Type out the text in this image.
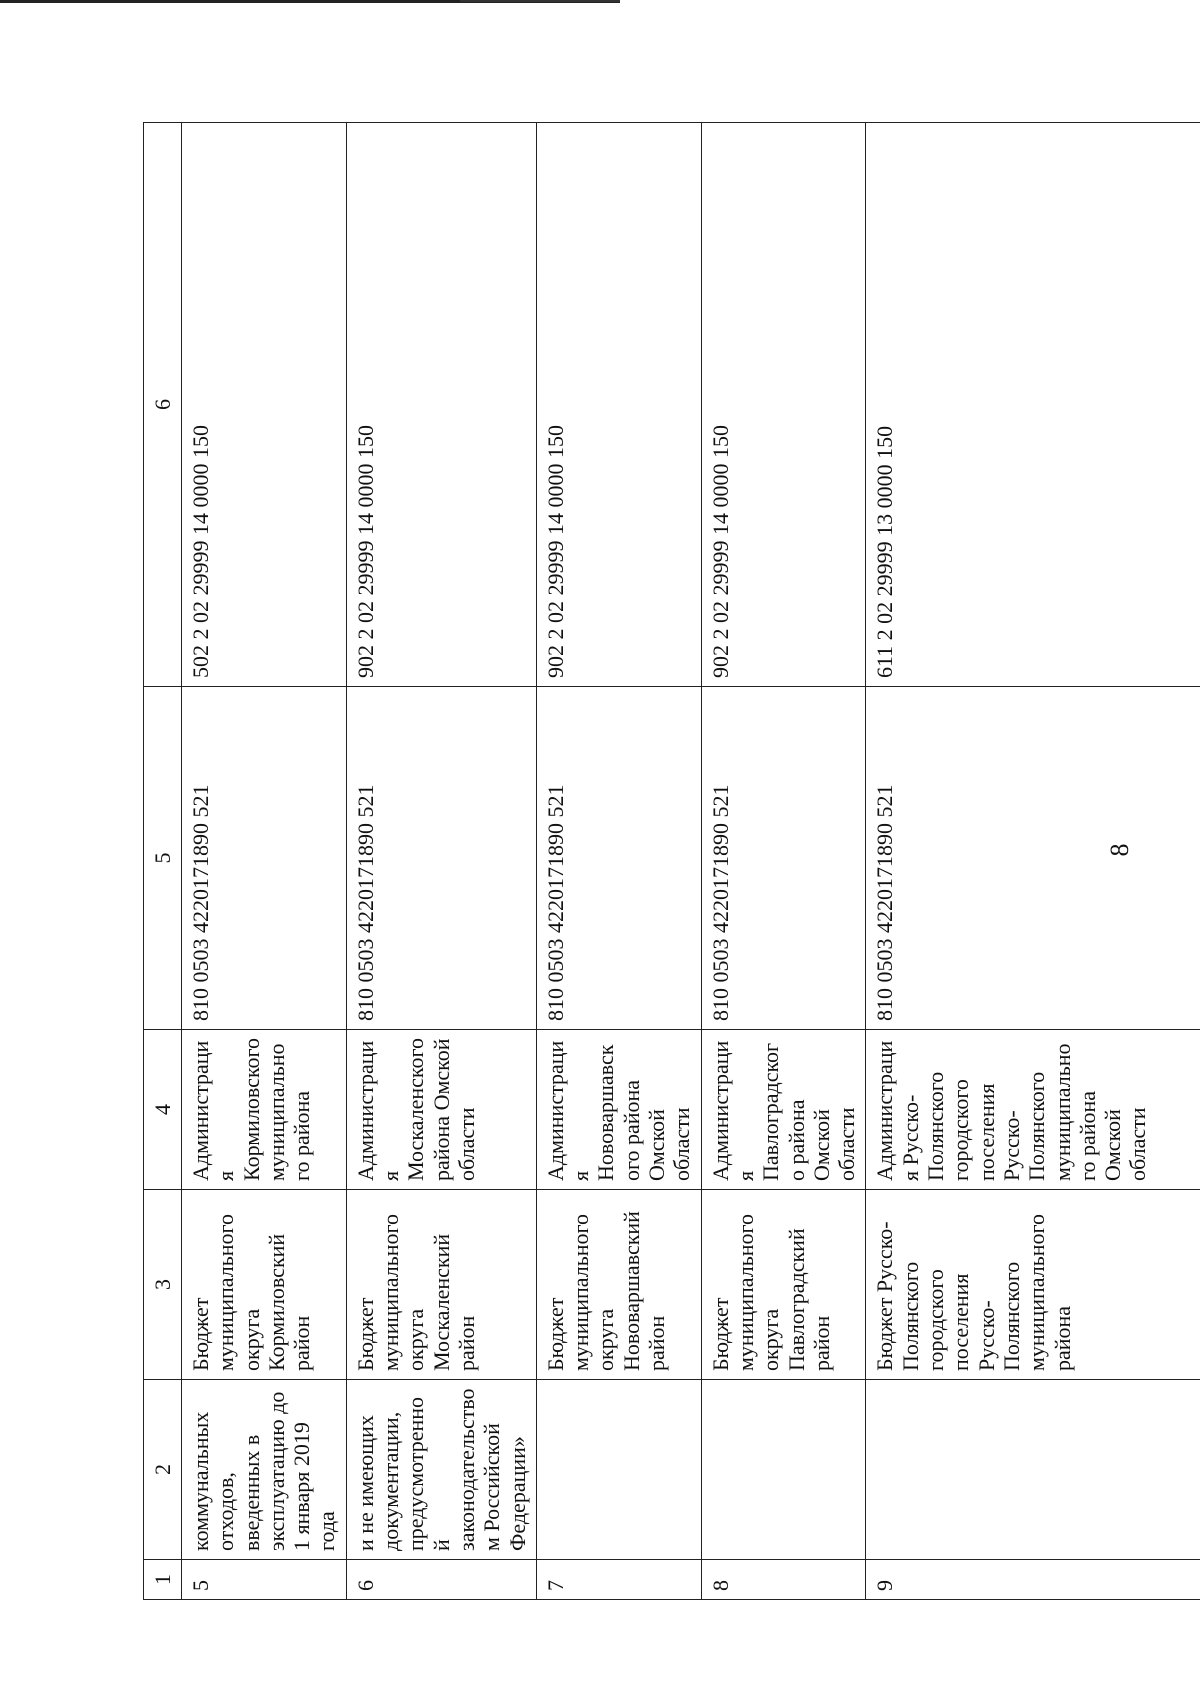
8
1	2	3	4	5	6
5	коммунальных отходов, введенных в эксплуатацию до 1 января 2019 года	Бюджет муниципального округа Кормиловский район	Администрация Кормиловского муниципального района	810 0503 4220171890 521	502 2 02 29999 14 0000 150
6	и не имеющих документации, предусмотренной законодательством Российской Федерации»	Бюджет муниципального округа Москаленский район	Администрация Москаленского района Омской области	810 0503 4220171890 521	902 2 02 29999 14 0000 150
7		Бюджет муниципального округа Нововаршавский район	Администрация Нововаршавского района Омской области	810 0503 4220171890 521	902 2 02 29999 14 0000 150
8		Бюджет муниципального округа Павлоградский район	Администрация Павлоградского района Омской области	810 0503 4220171890 521	902 2 02 29999 14 0000 150
9		Бюджет Русско-Полянского городского поселения Русско-Полянского муниципального района	Администрация Русско-Полянского городского поселения Русско-Полянского муниципального района Омской области	810 0503 4220171890 521	611 2 02 29999 13 0000 150
